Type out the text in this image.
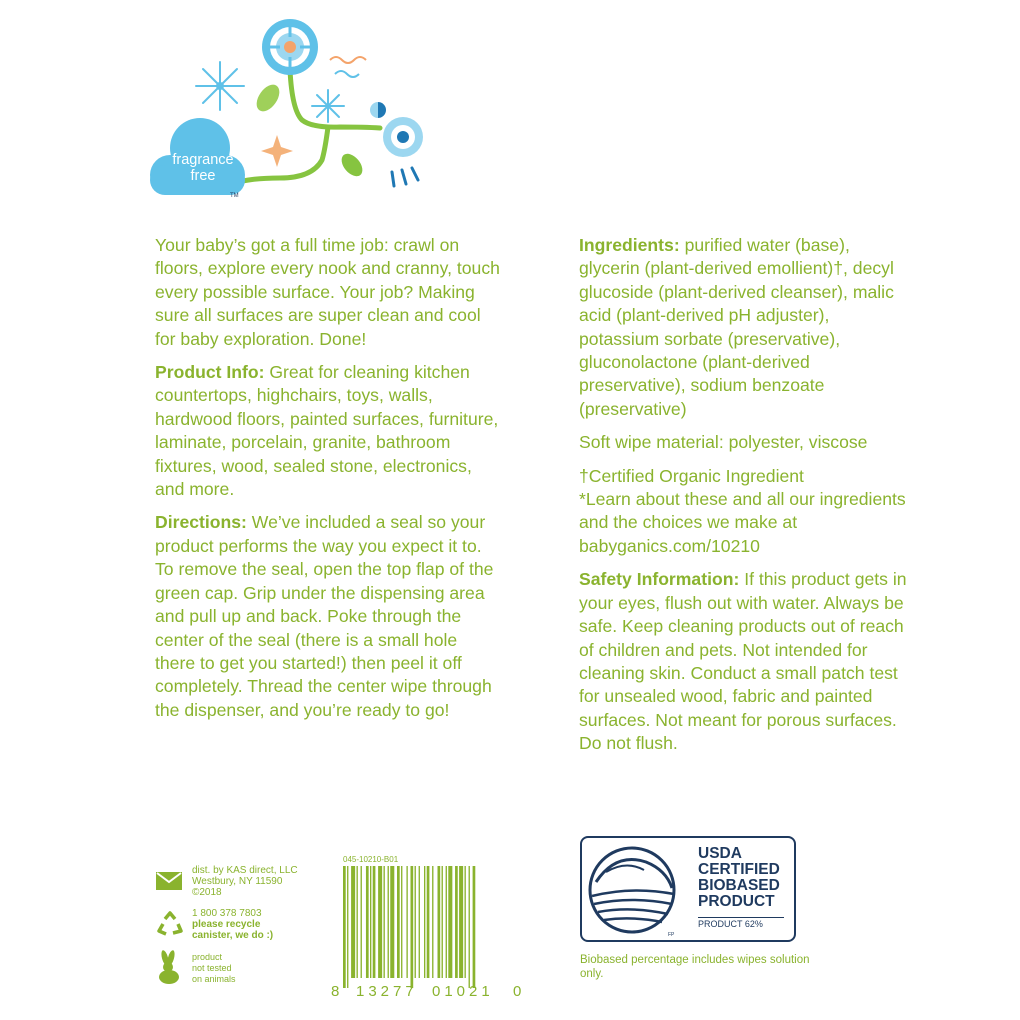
fragrance
free
TM

Your baby’s got a full time job: crawl on floors, explore every nook and cranny, touch every possible surface. Your job? Making sure all surfaces are super clean and cool for baby exploration. Done!

Product Info: Great for cleaning kitchen countertops, highchairs, toys, walls, hardwood floors, painted surfaces, furniture, laminate, porcelain, granite, bathroom fixtures, wood, sealed stone, electronics, and more.

Directions: We’ve included a seal so your product performs the way you expect it to. To remove the seal, open the top flap of the green cap. Grip under the dispensing area and pull up and back. Poke through the center of the seal (there is a small hole there to get you started!) then peel it off completely. Thread the center wipe through the dispenser, and you’re ready to go!

Ingredients: purified water (base), glycerin (plant-derived emollient)†, decyl glucoside (plant-derived cleanser), malic acid (plant-derived pH adjuster), potassium sorbate (preservative), gluconolactone (plant-derived preservative), sodium benzoate (preservative)

Soft wipe material: polyester, viscose

†Certified Organic Ingredient

*Learn about these and all our ingredients and the choices we make at babyganics.com/10210

Safety Information: If this product gets in your eyes, flush out with water. Always be safe. Keep cleaning products out of reach of children and pets. Not intended for cleaning skin. Conduct a small patch test for unsealed wood, fabric and painted surfaces. Not meant for porous surfaces. Do not flush.

dist. by KAS direct, LLC
Westbury, NY 11590
©2018
1 800 378 7803
please recycle
canister, we do :)
product
not tested
on animals
045-10210-B01
8 13277 01021 0
FP
USDA
CERTIFIED
BIOBASED
PRODUCT
PRODUCT 62%
Biobased percentage includes wipes solution only.
